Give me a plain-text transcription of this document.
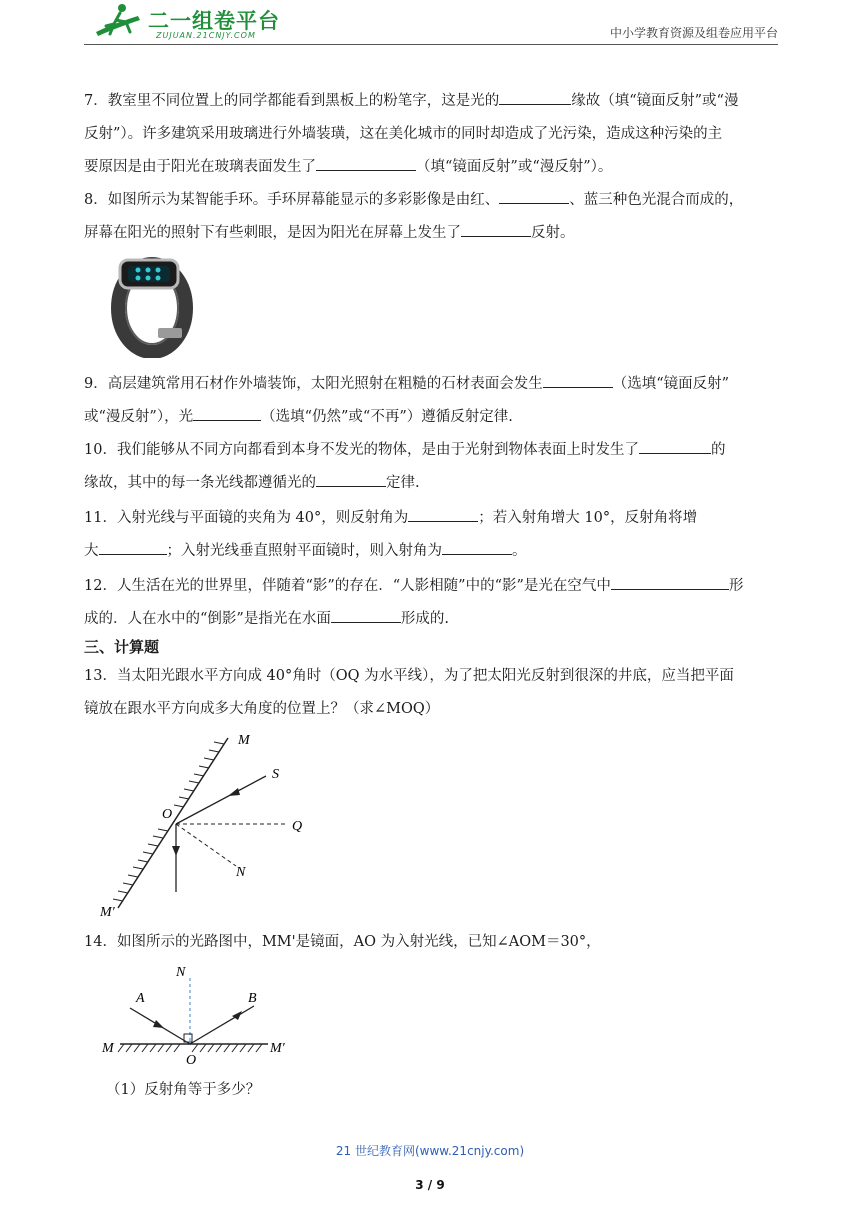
二一组卷平台
ZUJUAN.21CNJY.COM	中小学教育资源及组卷应用平台
7．教室里不同位置上的同学都能看到黑板上的粉笔字，这是光的	缘故（填“镜面反射”或“漫
反射”）。许多建筑采用玻璃进行外墙装璜，这在美化城市的同时却造成了光污染，造成这种污染的主
要原因是由于阳光在玻璃表面发生了	（填“镜面反射”或“漫反射”）。
8．如图所示为某智能手环。手环屏幕能显示的多彩影像是由红、	、蓝三种色光混合而成的，
屏幕在阳光的照射下有些刺眼，是因为阳光在屏幕上发生了	反射。
9．高层建筑常用石材作外墙装饰，太阳光照射在粗糙的石材表面会发生	（选填“镜面反射”
或“漫反射”），光	（选填“仍然”或“不再”）遵循反射定律.
10．我们能够从不同方向都看到本身不发光的物体，是由于光射到物体表面上时发生了	的
缘故，其中的每一条光线都遵循光的	定律.
11．入射光线与平面镜的夹角为 40°，则反射角为	；若入射角增大 10°，反射角将增
大	；入射光线垂直照射平面镜时，则入射角为	。
12．人生活在光的世界里，伴随着“影”的存在．“人影相随”中的“影”是光在空气中	形
成的．人在水中的“倒影”是指光在水面	形成的.
三、计算题
13．当太阳光跟水平方向成 40°角时（OQ 为水平线），为了把太阳光反射到很深的井底，应当把平面
镜放在跟水平方向成多大角度的位置上？（求∠MOQ）
M
S
O
Q
N
M′
14．如图所示的光路图中，MM'是镜面，AO 为入射光线，已知∠AOM＝30°，
N
A	B
M
O
M′
（1）反射角等于多少？
21 世纪教育网(www.21cnjy.com)
3 / 9
